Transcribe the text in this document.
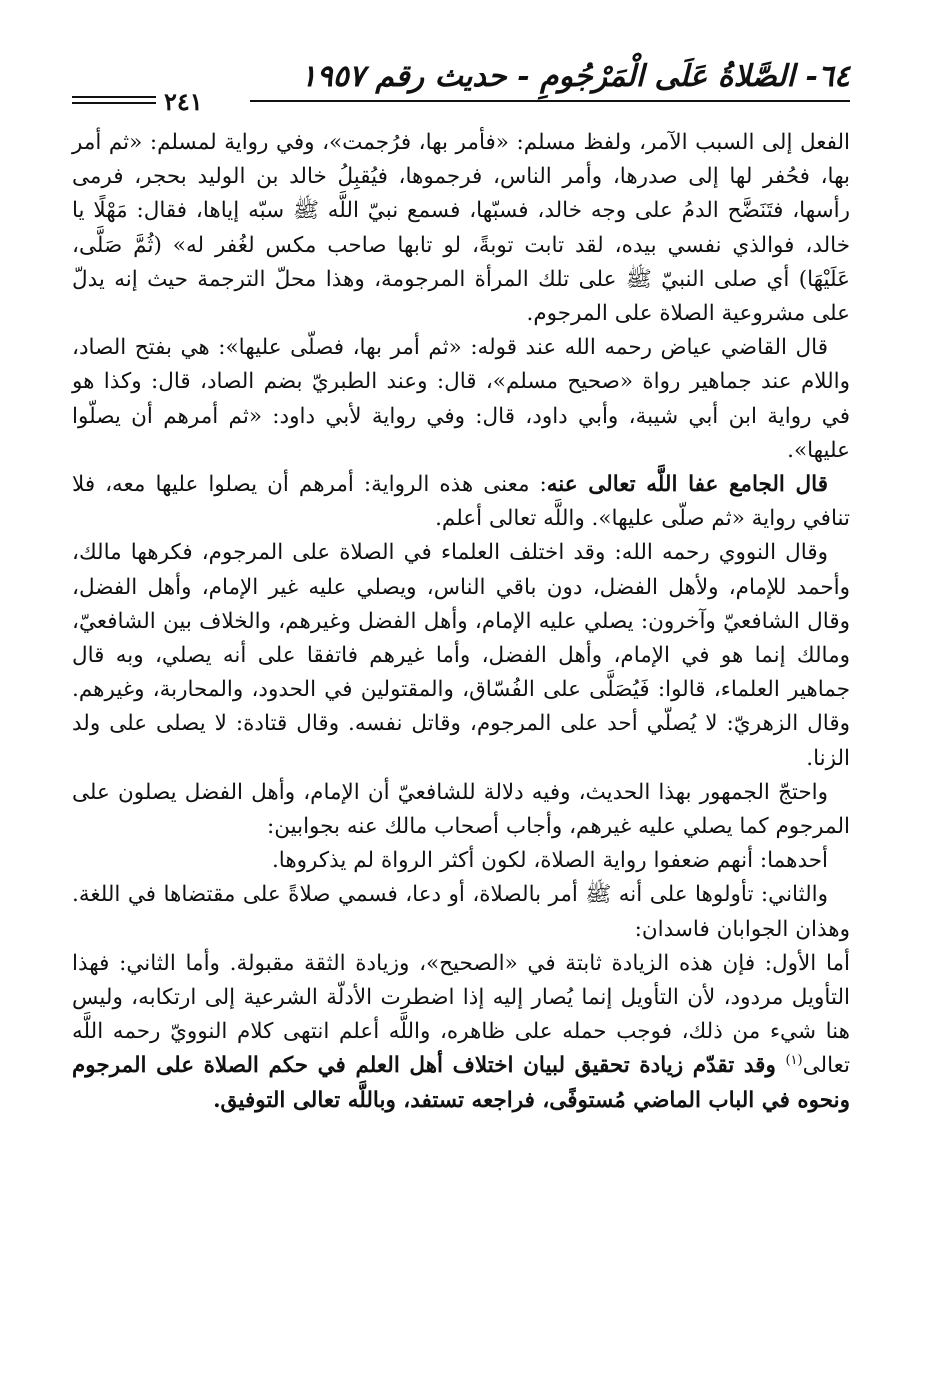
٦٤- الصَّلاةُ عَلَى الْمَرْجُومِ - حديث رقم ١٩٥٧
٢٤١

الفعل إلى السبب الآمر، ولفظ مسلم: «فأمر بها، فرُجمت»، وفي رواية لمسلم: «ثم أمر بها، فحُفر لها إلى صدرها، وأمر الناس، فرجموها، فيُقبِلُ خالد بن الوليد بحجر، فرمى رأسها، فتَنَضَّح الدمُ على وجه خالد، فسبّها، فسمع نبيّ اللَّه ﷺ سبّه إياها، فقال: مَهْلًا يا خالد، فوالذي نفسي بيده، لقد تابت توبةً، لو تابها صاحب مكس لغُفر له» (ثُمَّ صَلَّى، عَلَيْهَا) أي صلى النبيّ ﷺ على تلك المرأة المرجومة، وهذا محلّ الترجمة حيث إنه يدلّ على مشروعية الصلاة على المرجوم.

قال القاضي عياض رحمه الله عند قوله: «ثم أمر بها، فصلّى عليها»: هي بفتح الصاد، واللام عند جماهير رواة «صحيح مسلم»، قال: وعند الطبريّ بضم الصاد، قال: وكذا هو في رواية ابن أبي شيبة، وأبي داود، قال: وفي رواية لأبي داود: «ثم أمرهم أن يصلّوا عليها».

قال الجامع عفا اللَّه تعالى عنه: معنى هذه الرواية: أمرهم أن يصلوا عليها معه، فلا تنافي رواية «ثم صلّى عليها». واللَّه تعالى أعلم.

وقال النووي رحمه الله: وقد اختلف العلماء في الصلاة على المرجوم، فكرهها مالك، وأحمد للإمام، ولأهل الفضل، دون باقي الناس، ويصلي عليه غير الإمام، وأهل الفضل، وقال الشافعيّ وآخرون: يصلي عليه الإمام، وأهل الفضل وغيرهم، والخلاف بين الشافعيّ، ومالك إنما هو في الإمام، وأهل الفضل، وأما غيرهم فاتفقا على أنه يصلي، وبه قال جماهير العلماء، قالوا: فَيُصَلَّى على الفُسّاق، والمقتولين في الحدود، والمحاربة، وغيرهم. وقال الزهريّ: لا يُصلّي أحد على المرجوم، وقاتل نفسه. وقال قتادة: لا يصلى على ولد الزنا.

واحتجّ الجمهور بهذا الحديث، وفيه دلالة للشافعيّ أن الإمام، وأهل الفضل يصلون على المرجوم كما يصلي عليه غيرهم، وأجاب أصحاب مالك عنه بجوابين:

أحدهما: أنهم ضعفوا رواية الصلاة، لكون أكثر الرواة لم يذكروها.

والثاني: تأولوها على أنه ﷺ أمر بالصلاة، أو دعا، فسمي صلاةً على مقتضاها في اللغة. وهذان الجوابان فاسدان:

أما الأول: فإن هذه الزيادة ثابتة في «الصحيح»، وزيادة الثقة مقبولة. وأما الثاني: فهذا التأويل مردود، لأن التأويل إنما يُصار إليه إذا اضطرت الأدلّة الشرعية إلى ارتكابه، وليس هنا شيء من ذلك، فوجب حمله على ظاهره، واللَّه أعلم انتهى كلام النوويّ رحمه اللَّه تعالى$^{(١)}$ وقد تقدّم زيادة تحقيق لبيان اختلاف أهل العلم في حكم الصلاة على المرجوم ونحوه في الباب الماضي مُستوفًى، فراجعه تستفد، وباللَّه تعالى التوفيق.
